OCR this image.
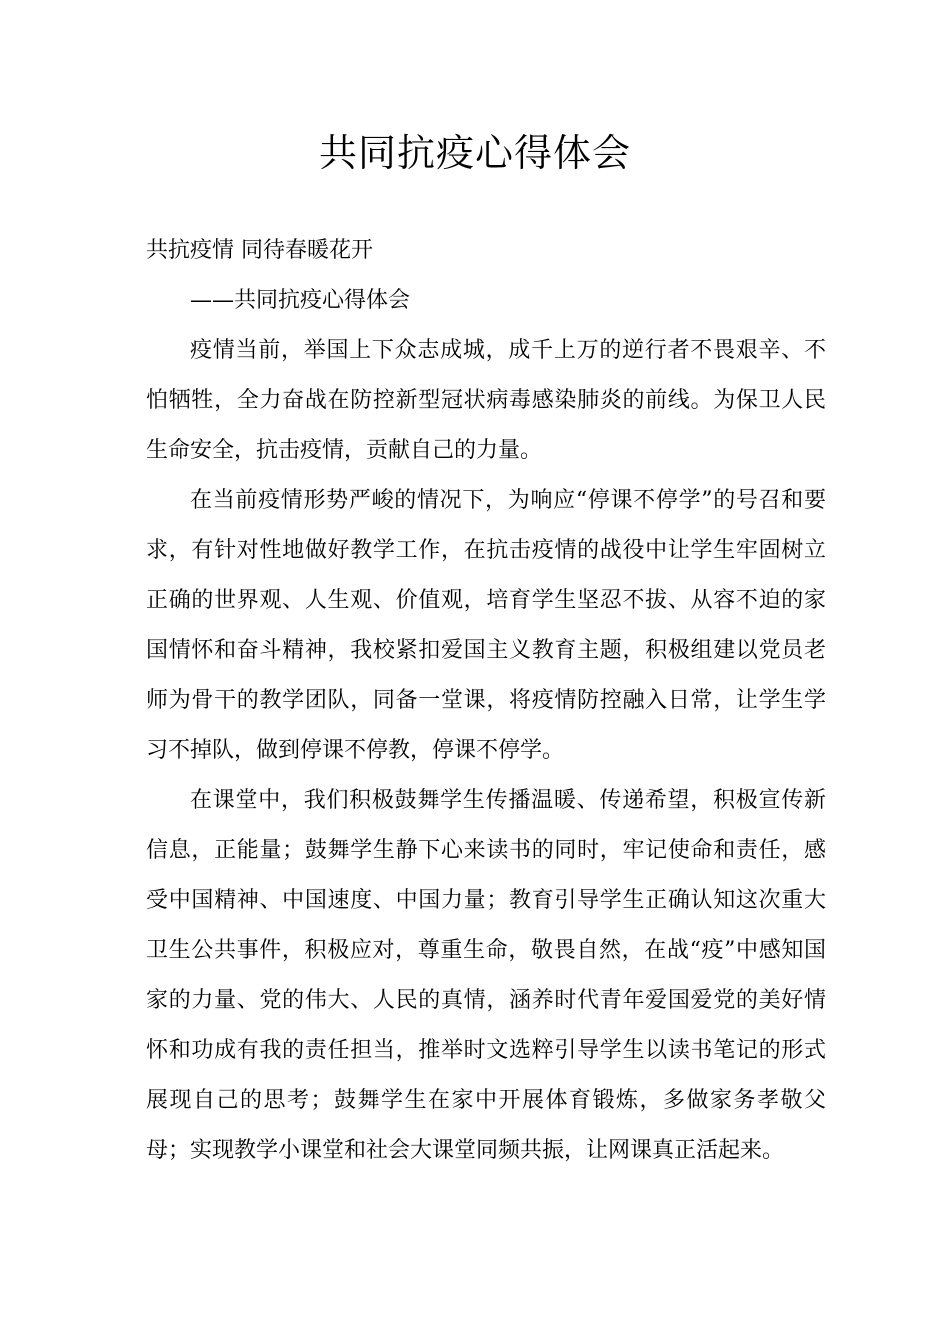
共同抗疫心得体会

共抗疫情 同待春暖花开

——共同抗疫心得体会

疫情当前，举国上下众志成城，成千上万的逆行者不畏艰辛、不怕牺牲，全力奋战在防控新型冠状病毒感染肺炎的前线。为保卫人民生命安全，抗击疫情，贡献自己的力量。

在当前疫情形势严峻的情况下，为响应“停课不停学”的号召和要求，有针对性地做好教学工作，在抗击疫情的战役中让学生牢固树立正确的世界观、人生观、价值观，培育学生坚忍不拔、从容不迫的家国情怀和奋斗精神，我校紧扣爱国主义教育主题，积极组建以党员老师为骨干的教学团队，同备一堂课，将疫情防控融入日常，让学生学习不掉队，做到停课不停教，停课不停学。

在课堂中，我们积极鼓舞学生传播温暖、传递希望，积极宣传新信息，正能量；鼓舞学生静下心来读书的同时，牢记使命和责任，感受中国精神、中国速度、中国力量；教育引导学生正确认知这次重大卫生公共事件，积极应对，尊重生命，敬畏自然，在战“疫”中感知国家的力量、党的伟大、人民的真情，涵养时代青年爱国爱党的美好情怀和功成有我的责任担当，推举时文选粹引导学生以读书笔记的形式展现自己的思考；鼓舞学生在家中开展体育锻炼，多做家务孝敬父母；实现教学小课堂和社会大课堂同频共振，让网课真正活起来。
